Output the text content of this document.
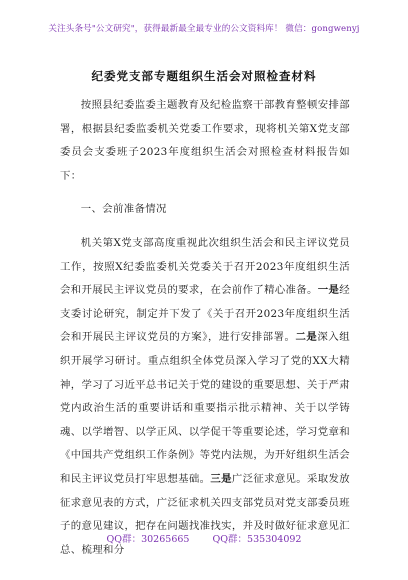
关注头条号"公文研究"，获得最新最全最专业的公文资料库！ 微信：gongwenyj
纪委党支部专题组织生活会对照检查材料

按照县纪委监委主题教育及纪检监察干部教育整顿安排部署，根据县纪委监委机关党委工作要求，现将机关第X党支部委员会支委班子2023年度组织生活会对照检查材料报告如下：

一、会前准备情况

机关第X党支部高度重视此次组织生活会和民主评议党员工作，按照X纪委监委机关党委关于召开2023年度组织生活会和开展民主评议党员的要求，在会前作了精心准备。一是经支委讨论研究，制定并下发了《关于召开2023年度组织生活会和开展民主评议党员的方案》，进行安排部署。二是深入组织开展学习研讨。重点组织全体党员深入学习了党的XX大精神，学习了习近平总书记关于党的建设的重要思想、关于严肃党内政治生活的重要讲话和重要指示批示精神、关于以学铸魂、以学增智、以学正风、以学促干等重要论述，学习党章和《中国共产党组织工作条例》等党内法规，为开好组织生活会和民主评议党员打牢思想基础。三是广泛征求意见。采取发放征求意见表的方式，广泛征求机关四支部党员对党支部委员班子的意见建议，把存在问题找准找实，并及时做好征求意见汇总、梳理和分

QQ群：30265665 QQ群：535304092
